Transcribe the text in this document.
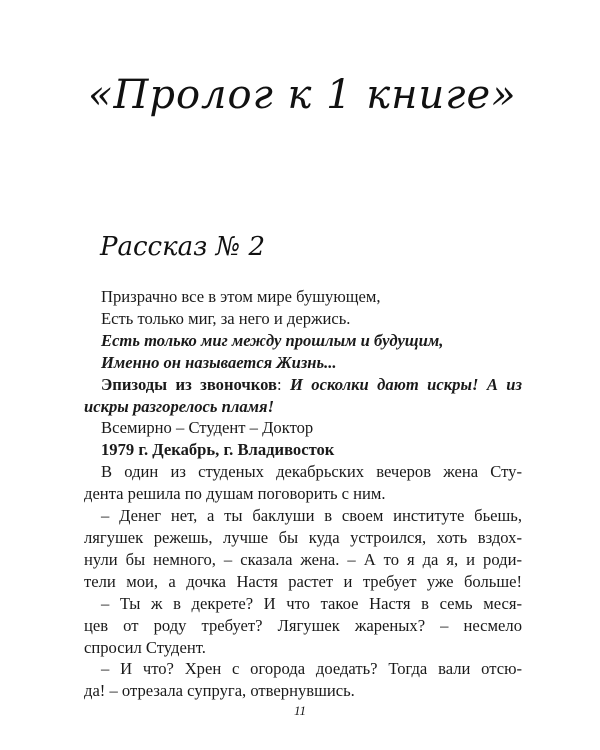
«Пролог к 1 книге»
Рассказ № 2
Призрачно все в этом мире бушующем,
Есть только миг, за него и держись.
Есть только миг между прошлым и будущим,
Именно он называется Жизнь...
Эпизоды из звоночков: И осколки дают искры! А из
искры разгорелось пламя!
Всемирно – Студент – Доктор
1979 г. Декабрь, г. Владивосток
В один из студеных декабрьских вечеров жена Сту-
дента решила по душам поговорить с ним.
– Денег нет, а ты баклуши в своем институте бьешь,
лягушек режешь, лучше бы куда устроился, хоть вздох-
нули бы немного, – сказала жена. – А то я да я, и роди-
тели мои, а дочка Настя растет и требует уже больше!
– Ты ж в декрете? И что такое Настя в семь меся-
цев от роду требует? Лягушек жареных? – несмело
спросил Студент.
– И что? Хрен с огорода доедать? Тогда вали отсю-
да! – отрезала супруга, отвернувшись.
11
